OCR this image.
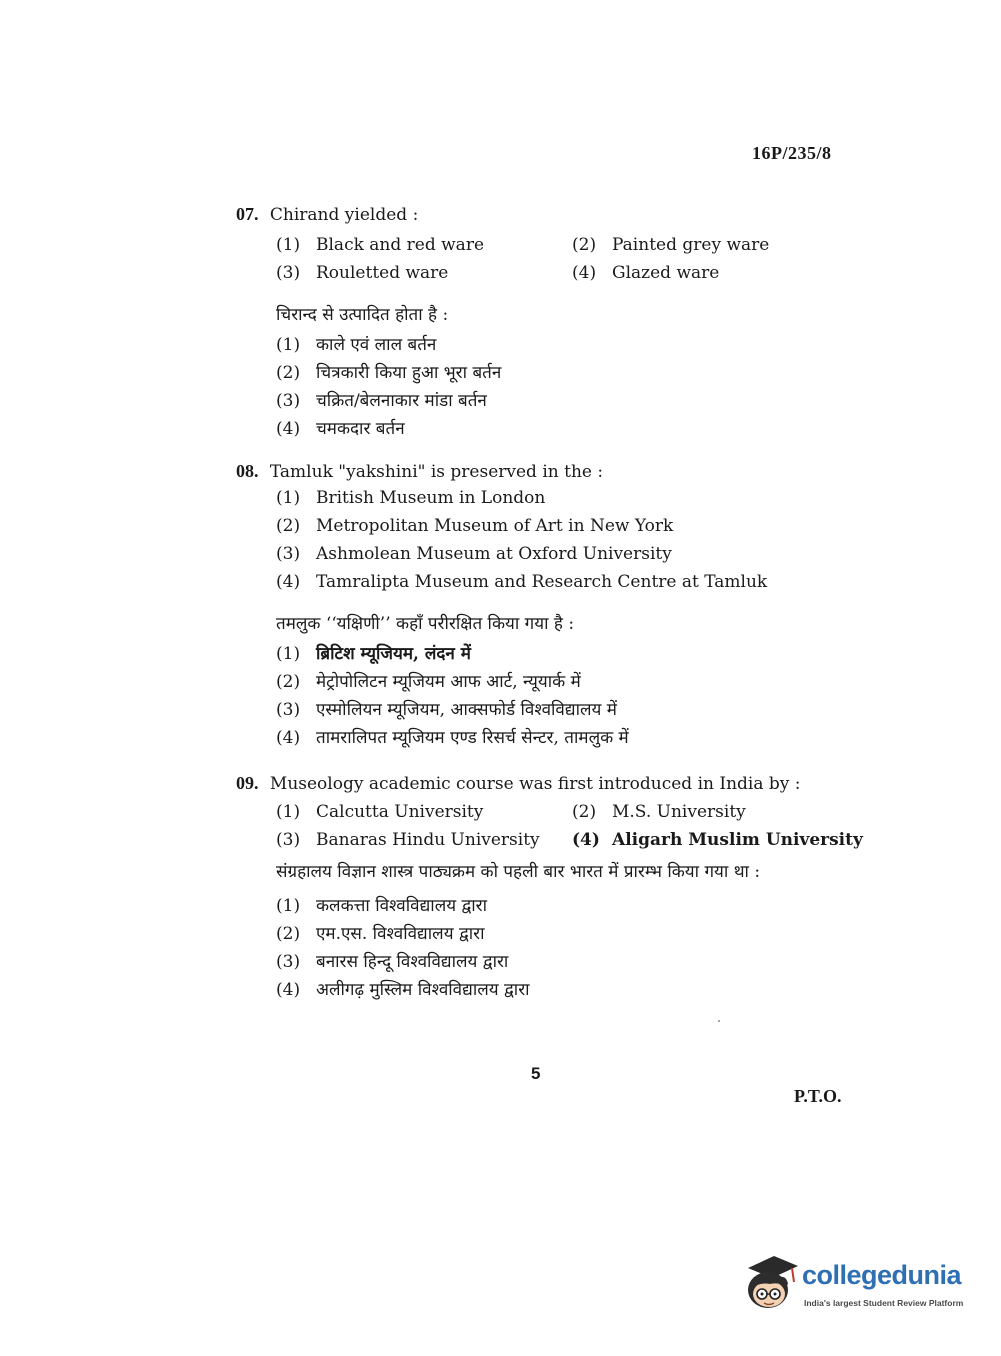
16P/235/8
07. Chirand yielded :
(1) Black and red ware	(2) Painted grey ware
(3) Rouletted ware	(4) Glazed ware
चिरान्द से उत्पादित होता है :
(1) काले एवं लाल बर्तन
(2) चित्रकारी किया हुआ भूरा बर्तन
(3) चक्रित/बेलनाकार मांडा बर्तन
(4) चमकदार बर्तन
08. Tamluk "yakshini" is preserved in the :
(1) British Museum in London
(2) Metropolitan Museum of Art in New York
(3) Ashmolean Museum at Oxford University
(4) Tamralipta Museum and Research Centre at Tamluk
तमलुक ‘‘यक्षिणी’’ कहाँ परीरक्षित किया गया है :
(1) ब्रिटिश म्यूजियम, लंदन में
(2) मेट्रोपोलिटन म्यूजियम आफ आर्ट, न्यूयार्क में
(3) एस्मोलियन म्यूजियम, आक्सफोर्ड विश्वविद्यालय में
(4) तामरालिपत म्यूजियम एण्ड रिसर्च सेन्टर, तामलुक में
09. Museology academic course was first introduced in India by :
(1) Calcutta University	(2) M.S. University
(3) Banaras Hindu University	(4) Aligarh Muslim University
संग्रहालय विज्ञान शास्त्र पाठ्यक्रम को पहली बार भारत में प्रारम्भ किया गया था :
(1) कलकत्ता विश्वविद्यालय द्वारा
(2) एम.एस. विश्वविद्यालय द्वारा
(3) बनारस हिन्दू विश्वविद्यालय द्वारा
(4) अलीगढ़ मुस्लिम विश्वविद्यालय द्वारा
5
P.T.O.
collegedunia
India's largest Student Review Platform
